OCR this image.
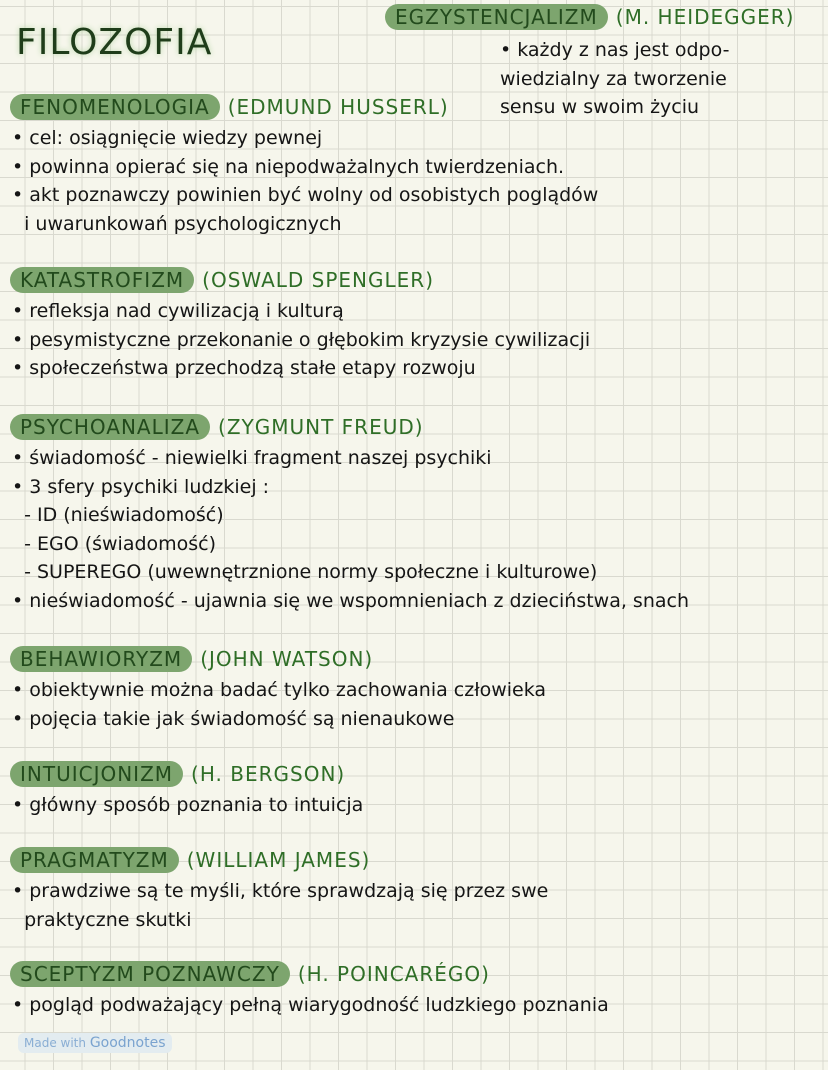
FILOZOFIA
EGZYSTENCJALIZM (M. HEIDEGGER)
• każdy z nas jest odpo-
wiedzialny za tworzenie
sensu w swoim życiu
FENOMENOLOGIA (EDMUND HUSSERL)
• cel: osiągnięcie wiedzy pewnej
• powinna opierać się na niepodważalnych twierdzeniach.
• akt poznawczy powinien być wolny od osobistych poglądów
i uwarunkowań psychologicznych
KATASTROFIZM (OSWALD SPENGLER)
• refleksja nad cywilizacją i kulturą
• pesymistyczne przekonanie o głębokim kryzysie cywilizacji
• społeczeństwa przechodzą stałe etapy rozwoju
PSYCHOANALIZA (ZYGMUNT FREUD)
• świadomość - niewielki fragment naszej psychiki
• 3 sfery psychiki ludzkiej :
- ID (nieświadomość)
- EGO (świadomość)
- SUPEREGO (uwewnętrznione normy społeczne i kulturowe)
• nieświadomość - ujawnia się we wspomnieniach z dzieciństwa, snach
BEHAWIORYZM (JOHN WATSON)
• obiektywnie można badać tylko zachowania człowieka
• pojęcia takie jak świadomość są nienaukowe
INTUICJONIZM (H. BERGSON)
• główny sposób poznania to intuicja
PRAGMATYZM (WILLIAM JAMES)
• prawdziwe są te myśli, które sprawdzają się przez swe
praktyczne skutki
SCEPTYZM POZNAWCZY (H. POINCARÉGO)
• pogląd podważający pełną wiarygodność ludzkiego poznania
Made with Goodnotes
